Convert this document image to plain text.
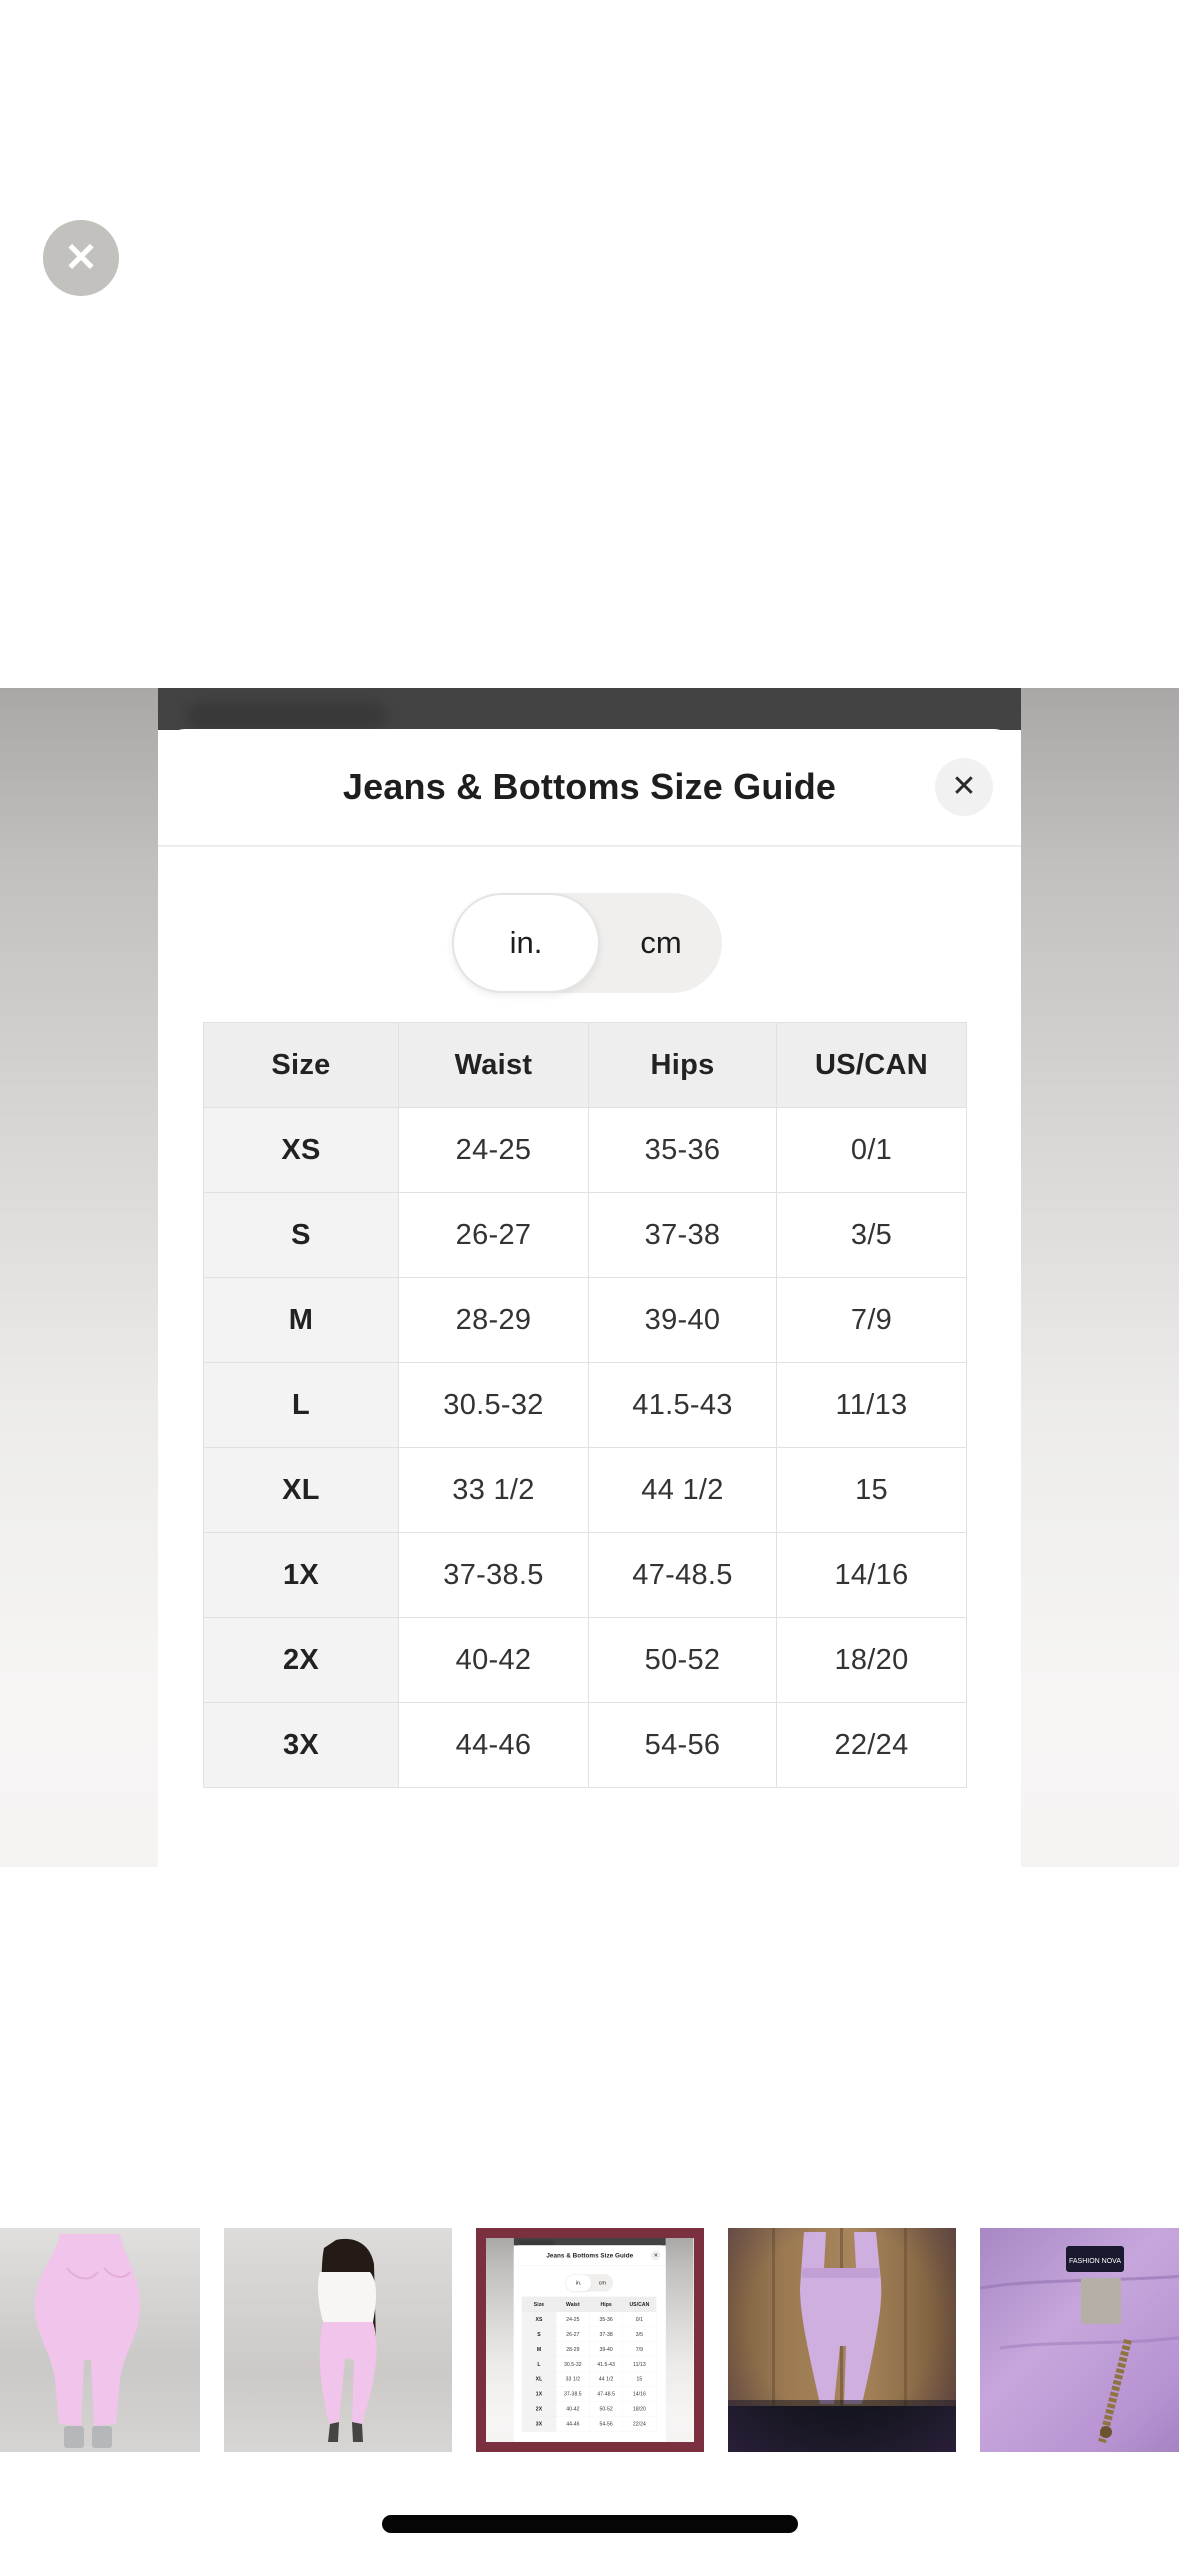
✕
Jeans & Bottoms Size Guide	✕
in.	cm
Size	Waist	Hips	US/CAN
XS	24-25	35-36	0/1
S	26-27	37-38	3/5
M	28-29	39-40	7/9
L	30.5-32	41.5-43	11/13
XL	33 1/2	44 1/2	15
1X	37-38.5	47-48.5	14/16
2X	40-42	50-52	18/20
3X	44-46	54-56	22/24
Jeans & Bottoms Size Guide ✕
in. cm
Size	Waist	Hips	US/CAN
XS	24-25	35-36	0/1
S	26-27	37-38	3/5
M	28-29	39-40	7/9
L	30.5-32	41.5-43	11/13
XL	33 1/2	44 1/2	15
1X	37-38.5	47-48.5	14/16
2X	40-42	50-52	18/20
3X	44-46	54-56	22/24
FASHION NOVA
